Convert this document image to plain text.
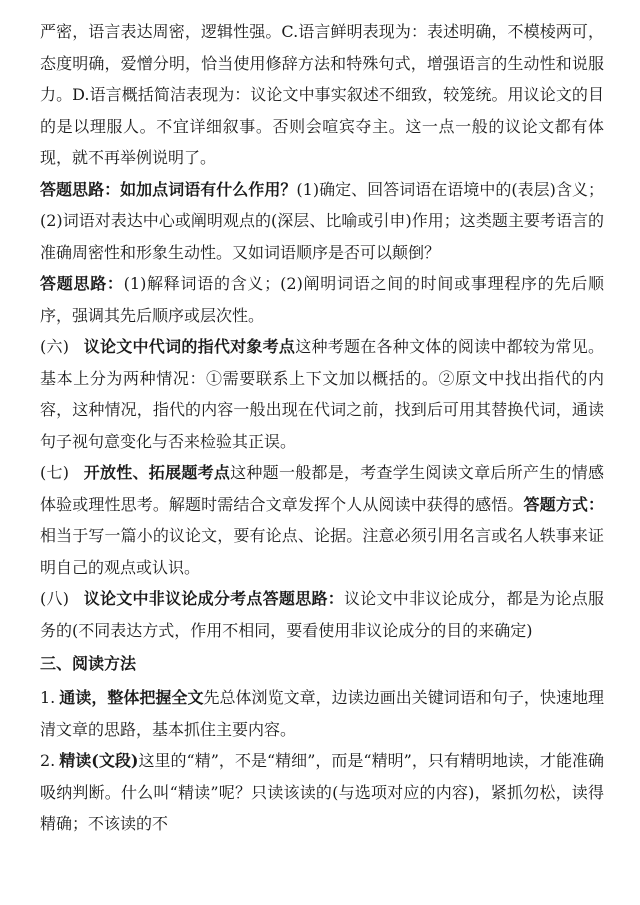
严密，语言表达周密，逻辑性强。C.语言鲜明表现为：表述明确，不模棱两可，态度明确，爱憎分明，恰当使用修辞方法和特殊句式，增强语言的生动性和说服力。D.语言概括简洁表现为：议论文中事实叙述不细致，较笼统。用议论文的目的是以理服人。不宜详细叙事。否则会喧宾夺主。这一点一般的议论文都有体现，就不再举例说明了。

答题思路：如加点词语有什么作用？(1)确定、回答词语在语境中的(表层)含义；(2)词语对表达中心或阐明观点的(深层、比喻或引申)作用；这类题主要考语言的准确周密性和形象生动性。又如词语顺序是否可以颠倒？

答题思路：(1)解释词语的含义；(2)阐明词语之间的时间或事理程序的先后顺序，强调其先后顺序或层次性。

(六) 议论文中代词的指代对象考点这种考题在各种文体的阅读中都较为常见。基本上分为两种情况：①需要联系上下文加以概括的。②原文中找出指代的内容，这种情况，指代的内容一般出现在代词之前，找到后可用其替换代词，通读句子视句意变化与否来检验其正误。

(七) 开放性、拓展题考点这种题一般都是，考查学生阅读文章后所产生的情感体验或理性思考。解题时需结合文章发挥个人从阅读中获得的感悟。答题方式：相当于写一篇小的议论文，要有论点、论据。注意必须引用名言或名人轶事来证明自己的观点或认识。

(八) 议论文中非议论成分考点答题思路：议论文中非议论成分，都是为论点服务的(不同表达方式，作用不相同，要看使用非议论成分的目的来确定)

三、阅读方法

1. 通读，整体把握全文先总体浏览文章，边读边画出关键词语和句子，快速地理清文章的思路，基本抓住主要内容。

2. 精读(文段)这里的“精”，不是“精细”，而是“精明”，只有精明地读，才能准确吸纳判断。什么叫“精读”呢？只读该读的(与选项对应的内容)，紧抓勿松，读得精确；不该读的不
